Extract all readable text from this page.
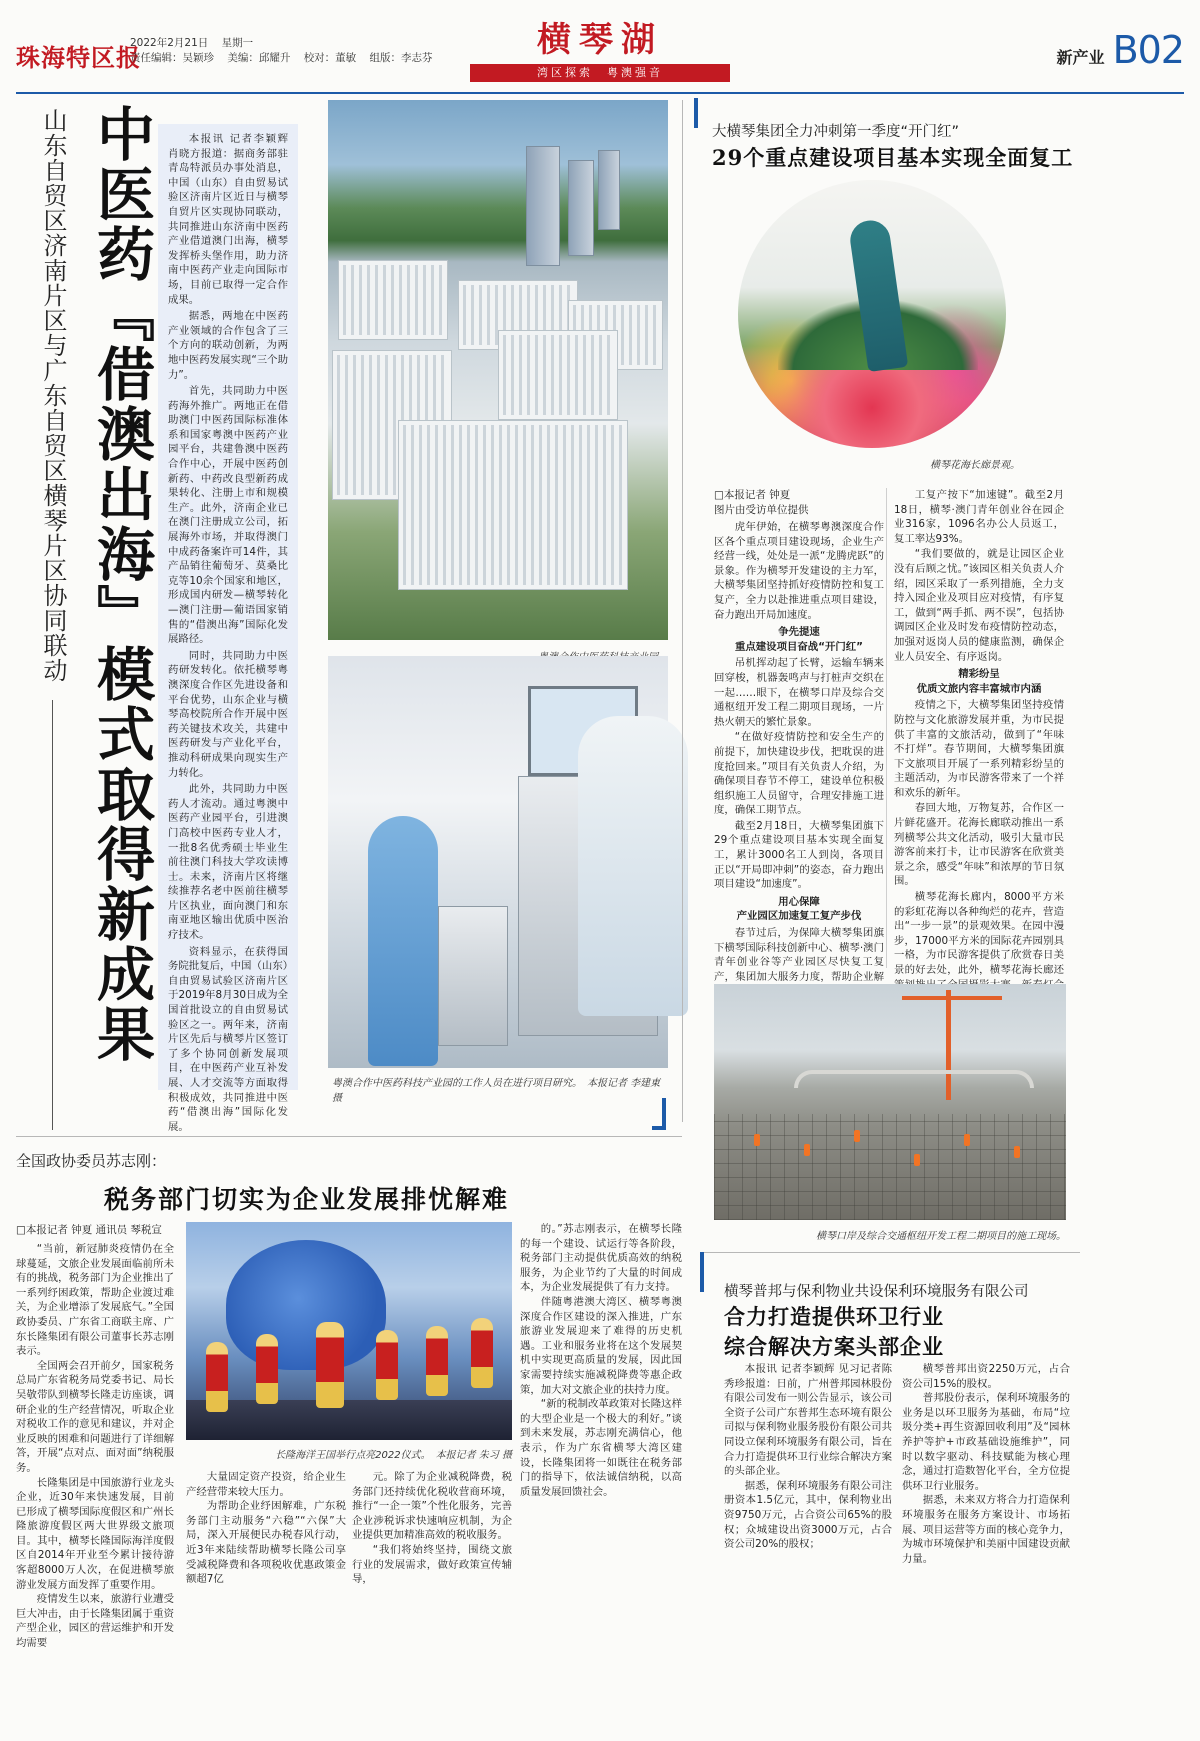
珠海特区报
2022年2月21日 星期一
责任编辑：吴颖珍 美编：邱耀升 校对：董敏 组版：李志芬	横琴湖
湾区探索　粤澳强音
新产业 B02
山东自贸区济南片区与广东自贸区横琴片区协同联动 中医药『借澳出海』模式取得新成果	本报讯 记者李颖辉 肖晓方报道：据商务部驻青岛特派员办事处消息，中国（山东）自由贸易试验区济南片区近日与横琴自贸片区实现协同联动，共同推进山东济南中医药产业借道澳门出海，横琴发挥桥头堡作用，助力济南中医药产业走向国际市场，目前已取得一定合作成果。

据悉，两地在中医药产业领域的合作包含了三个方向的联动创新，为两地中医药发展实现“三个助力”。

首先，共同助力中医药海外推广。两地正在借助澳门中医药国际标准体系和国家粤澳中医药产业园平台，共建鲁澳中医药合作中心，开展中医药创新药、中药改良型新药成果转化、注册上市和规模生产。此外，济南企业已在澳门注册成立公司，拓展海外市场，并取得澳门中成药备案许可14件，其产品销往葡萄牙、莫桑比克等10余个国家和地区，形成国内研发—横琴转化—澳门注册—葡语国家销售的“借澳出海”国际化发展路径。

同时，共同助力中医药研发转化。依托横琴粤澳深度合作区先进设备和平台优势，山东企业与横琴高校院所合作开展中医药关键技术攻关，共建中医药研发与产业化平台，推动科研成果向现实生产力转化。

此外，共同助力中医药人才流动。通过粤澳中医药产业园平台，引进澳门高校中医药专业人才，一批8名优秀硕士毕业生前往澳门科技大学攻读博士。未来，济南片区将继续推荐名老中医前往横琴片区执业，面向澳门和东南亚地区输出优质中医治疗技术。

资料显示，在获得国务院批复后，中国（山东）自由贸易试验区济南片区于2019年8月30日成为全国首批设立的自由贸易试验区之一。两年来，济南片区先后与横琴片区签订了多个协同创新发展项目，在中医药产业互补发展、人才交流等方面取得积极成效，共同推进中医药“借澳出海”国际化发展。

粤澳合作中医药科技产业园的工作人员在进行项目研究。　本报记者 李建東 摄
大横琴集团全力冲刺第一季度“开门红”
29个重点建设项目基本实现全面复工
横琴花海长廊景观。
□本报记者 钟夏
图片由受访单位提供

虎年伊始，在横琴粤澳深度合作区各个重点项目建设现场，企业生产经营一线，处处是一派“龙腾虎跃”的景象。作为横琴开发建设的主力军，大横琴集团坚持抓好疫情防控和复工复产，全力以赴推进重点项目建设，奋力跑出开局加速度。

争先提速
重点建设项目奋战“开门红”

吊机挥动起了长臂，运输车辆来回穿梭，机器轰鸣声与打桩声交织在一起……眼下，在横琴口岸及综合交通枢纽开发工程二期项目现场，一片热火朝天的繁忙景象。

“在做好疫情防控和安全生产的前提下，加快建设步伐，把耽误的进度抢回来。”项目有关负责人介绍，为确保项目春节不停工，建设单位积极组织施工人员留守，合理安排施工进度，确保工期节点。

截至2月18日，大横琴集团旗下29个重点建设项目基本实现全面复工，累计3000名工人到岗，各项目正以“开局即冲刺”的姿态，奋力跑出项目建设“加速度”。

用心保障
产业园区加速复工复产步伐

春节过后，为保障大横琴集团旗下横琴国际科技创新中心、横琴·澳门青年创业谷等产业园区尽快复工复产，集团加大服务力度，帮助企业解

工复产按下“加速键”。截至2月18日，横琴·澳门青年创业谷在园企业316家，1096名办公人员返工，复工率达93%。

“我们要做的，就是让园区企业没有后顾之忧。”该园区相关负责人介绍，园区采取了一系列措施，全力支持入园企业及项目应对疫情，有序复工，做到“两手抓、两不误”，包括协调园区企业及时发布疫情防控动态，加强对返岗人员的健康监测，确保企业人员安全、有序返岗。

精彩纷呈
优质文旅内容丰富城市内涵

疫情之下，大横琴集团坚持疫情防控与文化旅游发展并重，为市民提供了丰富的文旅活动，做到了“年味不打烊”。春节期间，大横琴集团旗下文旅项目开展了一系列精彩纷呈的主题活动，为市民游客带来了一个祥和欢乐的新年。

春回大地，万物复苏，合作区一片鲜花盛开。花海长廊联动推出一系列横琴公共文化活动，吸引大量市民游客前来打卡，让市民游客在欣赏美景之余，感受“年味”和浓厚的节日氛围。

横琴花海长廊内，8000平方米的彩虹花海以各种绚烂的花卉，营造出“一步一景”的景观效果。在园中漫步，17000平方米的国际花卉园别具一格，为市民游客提供了欣赏春日美景的好去处，此外，横琴花海长廊还

横琴口岸及综合交通枢纽开发工程二期项目的施工现场。
横琴普邦与保利物业共设保利环境服务有限公司
合力打造提供环卫行业
综合解决方案头部企业

本报讯 记者李颖辉 见习记者陈秀珍报道：日前，广州普邦园林股份有限公司发布一则公告显示，该公司全资子公司广东普邦生态环境有限公司拟与保利物业服务股份有限公司共同设立保利环境服务有限公司，旨在合力打造提供环卫行业综合解决方案的头部企业。

据悉，保利环境服务有限公司注册资本1.5亿元，其中，保利物业出资9750万元，占合资公司65%的股权；众城建设出资3000万元，占合资公司20%的股权；

横琴普邦出资2250万元，占合资公司15%的股权。

普邦股份表示，保利环境服务的业务是以环卫服务为基础，布局“垃圾分类+再生资源回收利用”及“园林养护等护+市政基础设施维护”，同时以数字驱动、科技赋能为核心理念，通过打造数智化平台，全方位提供环卫行业服务。

据悉，未来双方将合力打造保利环境服务在服务方案设计、市场拓展、项目运营等方面的核心竞争力，为城市环境保护和美丽中国建设贡献力量。

全国政协委员苏志刚：
税务部门切实为企业发展排忧解难
□本报记者 钟夏 通讯员 琴税宣

“当前，新冠肺炎疫情仍在全球蔓延，文旅企业发展面临前所未有的挑战，税务部门为企业推出了一系列纾困政策，帮助企业渡过难关，为企业增添了发展底气。”全国政协委员、广东省工商联主席、广东长隆集团有限公司董事长苏志刚表示。

全国两会召开前夕，国家税务总局广东省税务局党委书记、局长吴敬带队到横琴长隆走访座谈，调研企业的生产经营情况，听取企业对税收工作的意见和建议，并对企业反映的困难和问题进行了详细解答，开展“点对点、面对面”纳税服务。

长隆集团是中国旅游行业龙头企业，近30年来快速发展，目前已形成了横琴国际度假区和广州长隆旅游度假区两大世界级文旅项目。其中，横琴长隆国际海洋度假区自2014年开业至今累计接待游客超8000万人次，在促进横琴旅游业发展方面发挥了重要作用。

疫情发生以来，旅游行业遭受巨大冲击，由于长隆集团属于重资产型企业，园区的营运维护和开发均需要

长隆海洋王国举行点亮2022仪式。　本报记者 朱习 摄

大量固定资产投资，给企业生产经营带来较大压力。

为帮助企业纾困解难，广东税务部门主动服务“六稳”“六保”大局，深入开展便民办税春风行动，近3年来陆续帮助横琴长隆公司享受减税降费和各项税收优惠政策金额超7亿

元。除了为企业减税降费，税务部门还持续优化税收营商环境，推行“一企一策”个性化服务，完善企业涉税诉求快速响应机制，为企业提供更加精准高效的税收服务。

“我们将始终坚持，围绕文旅行业的发展需求，做好政策宣传辅导，

的。”苏志刚表示，在横琴长隆的每一个建设、试运行等各阶段，税务部门主动提供优质高效的纳税服务，为企业节约了大量的时间成本，为企业发展提供了有力支持。

伴随粤港澳大湾区、横琴粤澳深度合作区建设的深入推进，广东旅游业发展迎来了难得的历史机遇。工业和服务业将在这个发展契机中实现更高质量的发展，因此国家需要持续实施减税降费等惠企政策，加大对文旅企业的扶持力度。

“新的税制改革政策对长隆这样的大型企业是一个极大的利好。”谈到未来发展，苏志刚充满信心，他表示，作为广东省横琴大湾区建设，长隆集团将一如既往在税务部门的指导下，依法诚信纳税，以高质量发展回馈社会。
